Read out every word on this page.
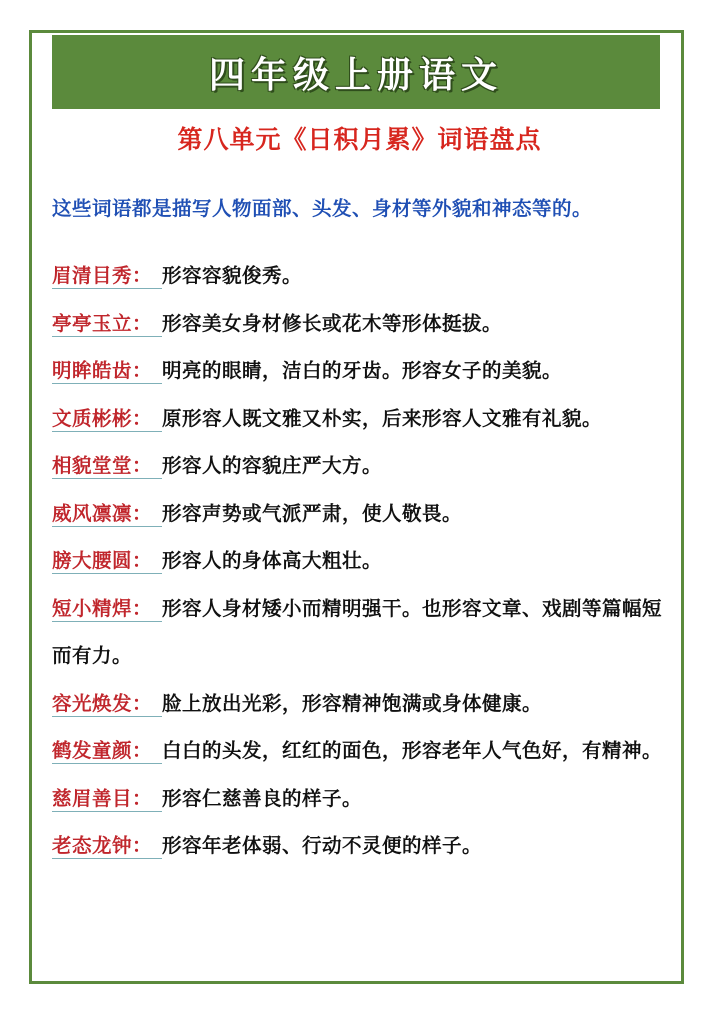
四年级上册语文
第八单元《日积月累》词语盘点
这些词语都是描写人物面部、头发、身材等外貌和神态等的。
眉清目秀： 形容容貌俊秀。
亭亭玉立： 形容美女身材修长或花木等形体挺拔。
明眸皓齿： 明亮的眼睛，洁白的牙齿。形容女子的美貌。
文质彬彬： 原形容人既文雅又朴实，后来形容人文雅有礼貌。
相貌堂堂： 形容人的容貌庄严大方。
威风凛凛： 形容声势或气派严肃，使人敬畏。
膀大腰圆： 形容人的身体高大粗壮。
短小精焊： 形容人身材矮小而精明强干。也形容文章、戏剧等篇幅短而有力。
容光焕发： 脸上放出光彩，形容精神饱满或身体健康。
鹤发童颜： 白白的头发，红红的面色，形容老年人气色好，有精神。
慈眉善目： 形容仁慈善良的样子。
老态龙钟： 形容年老体弱、行动不灵便的样子。
